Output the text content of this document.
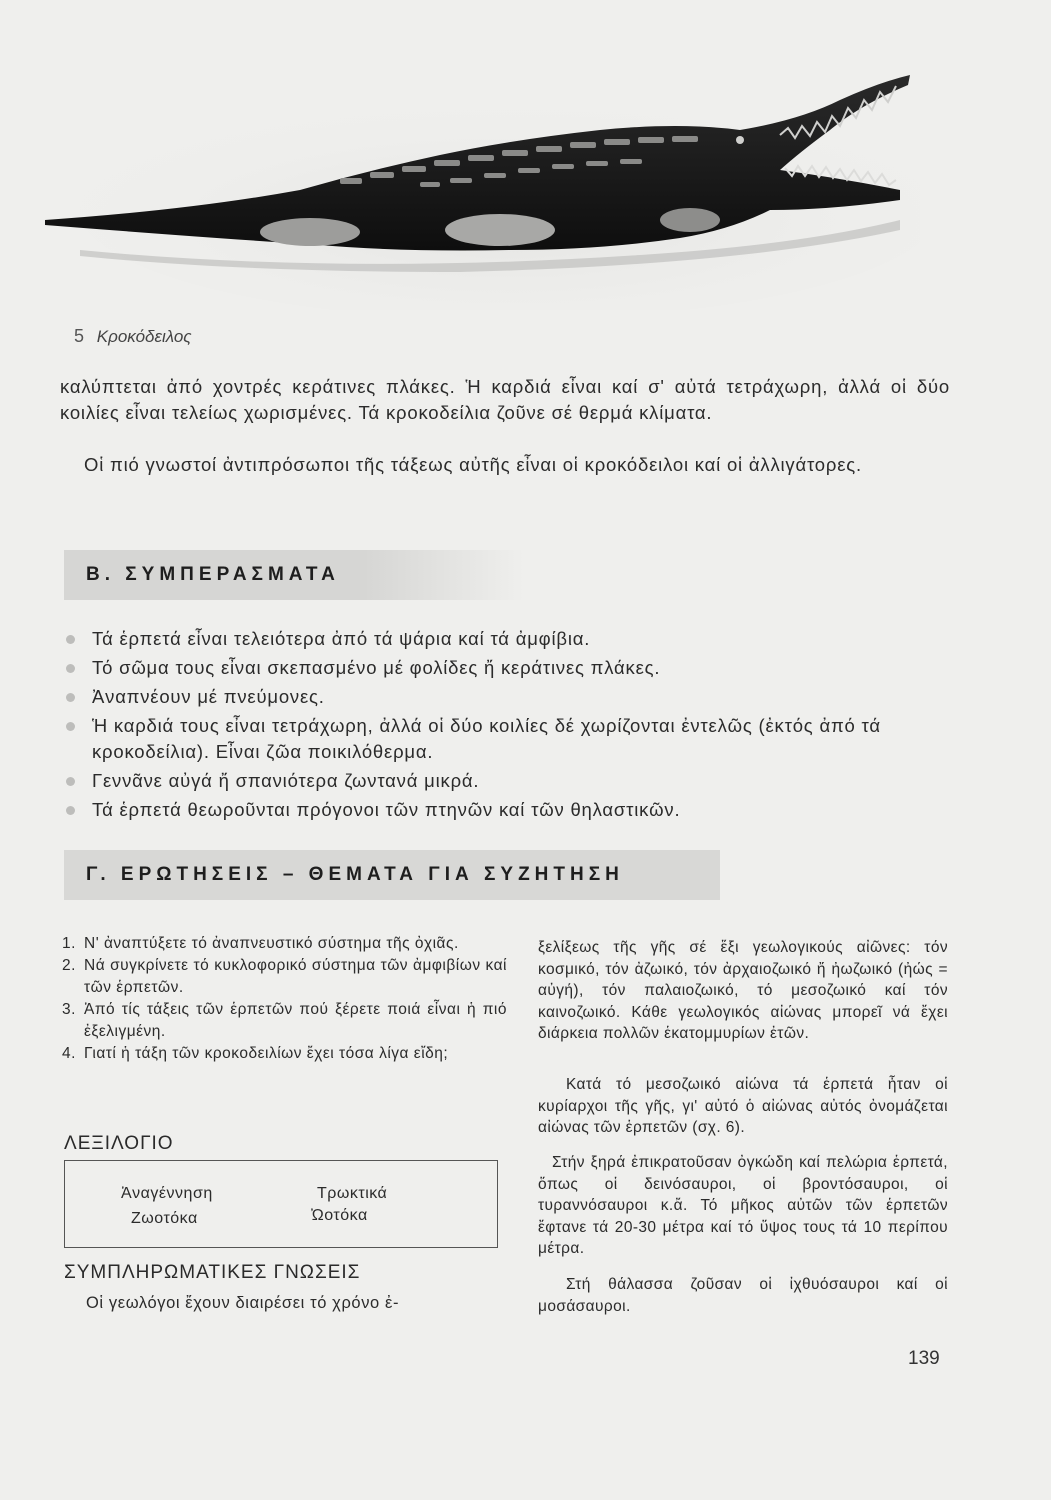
5 Κροκόδειλος
καλύπτεται ἀπό χοντρές κεράτινες πλάκες. Ἡ καρδιά εἶναι καί σ' αὐτά τετράχωρη, ἀλλά οἱ δύο κοιλίες εἶναι τελείως χωρισμένες. Τά κροκοδείλια ζοῦνε σέ θερμά κλίματα.
Οἱ πιό γνωστοί ἀντιπρόσωποι τῆς τάξεως αὐτῆς εἶναι οἱ κροκόδειλοι καί οἱ ἀλλιγάτορες.
Β. ΣΥΜΠΕΡΑΣΜΑΤΑ
Τά ἑρπετά εἶναι τελειότερα ἀπό τά ψάρια καί τά ἀμφίβια.
Τό σῶμα τους εἶναι σκεπασμένο μέ φολίδες ἤ κεράτινες πλάκες.
Ἀναπνέουν μέ πνεύμονες.
Ἡ καρδιά τους εἶναι τετράχωρη, ἀλλά οἱ δύο κοιλίες δέ χωρίζονται ἐντελῶς (ἐκτός ἀπό τά κροκοδείλια). Εἶναι ζῶα ποικιλόθερμα.
Γεννᾶνε αὐγά ἤ σπανιότερα ζωντανά μικρά.
Τά ἑρπετά θεωροῦνται πρόγονοι τῶν πτηνῶν καί τῶν θηλαστικῶν.
Γ. ΕΡΩΤΗΣΕΙΣ – ΘΕΜΑΤΑ ΓΙΑ ΣΥΖΗΤΗΣΗ
1. Ν' ἀναπτύξετε τό ἀναπνευστικό σύστημα τῆς ὀχιᾶς.
2. Νά συγκρίνετε τό κυκλοφορικό σύστημα τῶν ἀμφιβίων καί τῶν ἑρπετῶν.
3. Ἀπό τίς τάξεις τῶν ἑρπετῶν πού ξέρετε ποιά εἶναι ἡ πιό ἐξελιγμένη.
4. Γιατί ἡ τάξη τῶν κροκοδειλίων ἔχει τόσα λίγα εἴδη;
ΛΕΞΙΛΟΓΙΟ
Ἀναγέννηση
Ζωοτόκα
Τρωκτικά
Ὠοτόκα
ΣΥΜΠΛΗΡΩΜΑΤΙΚΕΣ ΓΝΩΣΕΙΣ
Οἱ γεωλόγοι ἔχουν διαιρέσει τό χρόνο ἐ-
ξελίξεως τῆς γῆς σέ ἕξι γεωλογικούς αἰῶνες: τόν κοσμικό, τόν ἀζωικό, τόν ἀρχαιοζωικό ἤ ἠωζωικό (ἠώς = αὐγή), τόν παλαιοζωικό, τό μεσοζωικό καί τόν καινοζωικό. Κάθε γεωλογικός αἰώνας μπορεῖ νά ἔχει διάρκεια πολλῶν ἑκατομμυρίων ἐτῶν.
Κατά τό μεσοζωικό αἰώνα τά ἑρπετά ἦταν οἱ κυρίαρχοι τῆς γῆς, γι' αὐτό ὁ αἰώνας αὐτός ὀνομάζεται αἰώνας τῶν ἑρπετῶν (σχ. 6).
Στήν ξηρά ἐπικρατοῦσαν ὀγκώδη καί πελώρια ἑρπετά, ὅπως οἱ δεινόσαυροι, οἱ βροντόσαυροι, οἱ τυραννόσαυροι κ.ἄ. Τό μῆκος αὐτῶν τῶν ἑρπετῶν ἔφτανε τά 20-30 μέτρα καί τό ὕψος τους τά 10 περίπου μέτρα.
Στή θάλασσα ζοῦσαν οἱ ἰχθυόσαυροι καί οἱ μοσάσαυροι.
139
